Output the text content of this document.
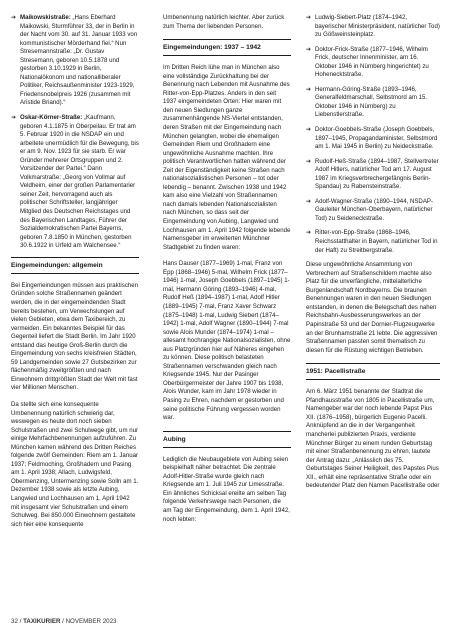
➔ Maikowskistraße: „Hans Eberhard Maikowski, Sturmführer 33, der in Berlin in der Nacht vom 30. auf 31. Januar 1933 von kommunistischer Mörderhand fiel.“ Nun Stresemannstraße: „Dr. Gustav Stresemann, geboren 10.5.1878 und gestorben 3.10.1929 in Berlin, Nationalökonom und nationalliberaler Politiker, Reichsaußenminister 1923-1929, Friedensnobelpreis 1926 (zusammen mit Aristide Briand).“
➔ Oskar-Körner-Straße: „Kaufmann, geboren 4.1.1875 in Oberpeilau. Er trat am 5. Februar 1920 in die NSDAP ein und arbeitete unermüdlich für die Bewegung, bis er am 9. Nov. 1923 für sie starb. Er war Gründer mehrerer Ortsgruppen und 2. Vorsitzender der Partei.“ Dann Volkmarstraße: „Georg von Vollmar auf Veldheim, einer der großen Parlamentarier seiner Zeit, hervorragend auch als politischer Schriftsteller, langjähriger Mitglied des Deutschen Reichstages und des Bayerischen Landtages, Führer der Sozialdemokratischen Partei Bayerns, geboren 7.8.1850 in München, gestorben 30.6.1922 in Urfeld am Walchensee.“
Eingemeindungen: allgemein

Bei Eingemeindungen müssen aus praktischen Gründen solche Straßennamen geändert werden, die in der eingemeindenden Stadt bereits bestehen, um Verwechslungen auf vielen Gebieten, etwa dem Taxibereich, zu vermeiden. Ein bekanntes Beispiel für das Gegenteil liefert die Stadt Berlin. Im Jahr 1920 entstand das heutige Groß-Berlin durch die Eingemeindung von sechs kreisfreien Städten, 59 Landgemeinden sowie 27 Gutsbezirken zur flächenmäßig zweitgrößten und nach Einwohnern drittgrößten Stadt der Welt mit fast vier Millionen Menschen.

Da stellte sich eine konsequente Umbenennung natürlich schwierig dar, weswegen es heute dort noch sieben Schulstraßen und zwei Schulwege gibt, um nur einige Mehrfachbenennungen aufzuführen. Zu München kamen während des Dritten Reiches folgende zwölf Gemeinden: Riem am 1. Januar 1937; Feldmoching, Großhadern und Pasing am 1. April 1938; Allach, Ludwigsfeld, Obermenzing, Untermenzing sowie Solln am 1. Dezember 1938 sowie als letzte Aubing, Langwied und Lochhausen am 1. April 1942 mit insgesamt vier Schulstraßen und einem Schulweg. Bei 850.000 Einwohnern gestaltete sich hier eine konsequente

Umbenennung natürlich leichter. Aber zurück zum Thema der liebenden Personen.

Eingemeindungen: 1937 – 1942

Im Dritten Reich lühe man in München also eine vollständige Zurückhaltung bei der Benennung nach Lebenden mit Ausnahme des Ritter-von-Epp-Platzes. Anders in den seit 1937 eingemeindeten Orten: Hier waren mit den neuen Siedlungen ganze zusammenhängende NS-Viertel entstanden, deren Straßen mit der Eingemeindung nach München gelangten, wobei die ehemaligen Gemeinden Riem und Großhadern eine ungewöhnliche Ausnahme machten. Ihre politisch Verantwortlichen hatten während der Zeit der Eigenständigkeit keine Straßen nach nationalsozialistischen Personen – tot oder lebendig – benannt. Zwischen 1938 und 1942 kam also eine Vielzahl von Straßennamen nach damals lebenden Nationalsozialisten nach München, so dass seit der Eingemeindung von Aubing, Langwied und Lochhausen am 1. April 1942 folgende lebende Namensgeber im erweiterten Münchner Stadtgebiet zu finden waren:

Hans Dauser (1877–1969) 1-mal, Franz von Epp (1868–1946) 5-mal, Wilhelm Frick (1877–1946) 1-mal, Joseph Goebbels (1897–1945) 1-mal, Hermann Göring (1893–1946) 4-mal, Rudolf Heß (1894–1987) 1-mal, Adolf Hitler (1889–1945) 7-mal, Franz Xaver Schwarz (1875–1948) 1-mal, Ludwig Siebert (1874–1942) 1-mal, Adolf Wagner (1890–1944) 7-mal sowie Alois Munder (1874–1974) 1-mal – allesamt hochrangige Nationalsozialisten, ohne aus Platzgründen hier auf Näheres eingehen zu können. Diese politisch belasteten Straßennamen verschwanden gleich nach Kriegsende 1945. Nur der Pasinger Oberbürgermeister der Jahre 1907 bis 1938, Alois Wunder, kam im Jahr 1978 wieder in Pasing zu Ehren, nachdem er gestorben und seine politische Führung vergessen worden war.

Aubing

Lediglich die Neubaugebiete von Aubing seien beispielhaft näher betrachtet. Die zentrale Adolf-Hitler-Straße wurde gleich nach Kriegsende am 1. Juli 1945 zur Limesstraße. Ein ähnliches Schicksal ereilte am selben Tag folgende Verkehrswege nach Personen, die am Tag der Eingemeindung, dem 1. April 1942, noch lebten:

➔ Ludwig-Siebert-Platz (1874–1942, bayerischer Ministerpräsident, natürlicher Tod) zu Gößweinsteinplatz.
➔ Doktor-Frick-Straße (1877–1946, Wilhelm Frick, deutscher Innenminister, am 16. Oktober 1946 in Nürnberg hingerichtet) zu Hohenecktstraße.
➔ Hermann-Göring-Straße (1893–1946, Generalfeldmarschall, Selbstmord am 15. Oktober 1946 in Nürnberg) zu Liebenstlerstraße.
➔ Doktor-Goebbels-Straße (Joseph Goebbels, 1897–1945, Propagandaminister, Selbstmord am 1. Mai 1945 in Berlin) zu Neideckstraße.
➔ Rudolf-Heß-Straße (1894–1987, Stellvertreter Adolf Hitlers, natürlicher Tod am 17. August 1987 im Kriegsverbrechergefängnis Berlin-Spandau) zu Rabensteinstraße.
➔ Adolf-Wagner-Straße (1890–1944, NSDAP-Gauleiter München-Oberbayern, natürlicher Tod) zu Seideneckstraße.
➔ Ritter-von-Epp-Straße (1868–1946, Reichsstatthalter in Bayern, natürlicher Tod in der Haft) zu Streitbergstraße.

Diese ungewöhnliche Ansammlung von Verbrechern auf Straßenschildern machte also Platz für die unverfängliche, mittelalterliche Burgenlandschaft Nordbayerns. Die braunen Benennungen waren in den neuen Siedlungen entstanden, in denen die Belegschaft des nahen Reichsbahn-Ausbesserungswerkes an der Papinstraße 53 und der Dornier-Flugzeugwerke an der Brunhamstraße 21 lebte. Die aggressiven Straßennamen passten somit thematisch zu diesen für die Rüstung wichtigen Betrieben.

1951: Pacellistraße

Am 6. März 1951 benannte der Stadtrat die Pfandhausstraße von 1805 in Pacellistraße um, Namengeber war der noch lebende Papst Pius XII. (1876–1958), bürgerlich Eugenio Pacelli. Anknüpfend an die in der Vergangenheit mancherlei publizierten Praxis, verdiente Münchner Bürger zu einem runden Geburtstag mit einer Straßenbenennung zu ehren, lautete der Antrag dazu: „Anlässlich des 75. Geburtstages Seiner Heiligkeit, des Papstes Pius XII., erhält eine repräsentative Straße oder ein bedeutender Platz den Namen Pacellistraße oder

32 / TAXIKURIER / NOVEMBER 2023
